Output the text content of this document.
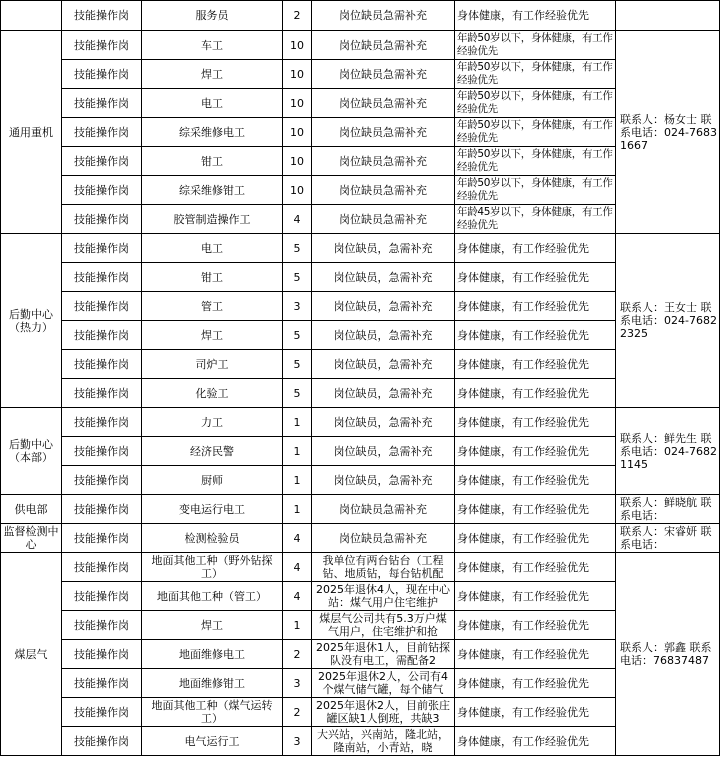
	技能操作岗	服务员	2	岗位缺员急需补充	身体健康，有工作经验优先	
通用重机	技能操作岗	车工	10	岗位缺员急需补充	年龄50岁以下，身体健康，有工作经验优先	联系人：杨女士 联系电话：024-76831667
	技能操作岗	焊工	10	岗位缺员急需补充	年龄50岁以下，身体健康，有工作经验优先	

	技能操作岗	电工	10	岗位缺员急需补充	年龄50岁以下，身体健康，有工作经验优先	

	技能操作岗	综采维修电工	10	岗位缺员急需补充	年龄50岁以下，身体健康，有工作经验优先	

	技能操作岗	钳工	10	岗位缺员急需补充	年龄50岁以下，身体健康，有工作经验优先	

	技能操作岗	综采维修钳工	10	岗位缺员急需补充	年龄50岁以下，身体健康，有工作经验优先	

	技能操作岗	胶管制造操作工	4	岗位缺员急需补充	年龄45岁以下，身体健康，有工作经验优先	

后勤中心（热力）	技能操作岗	电工	5	岗位缺员，急需补充	身体健康，有工作经验优先	联系人：王女士 联系电话：024-76822325
	技能操作岗	钳工	5	岗位缺员，急需补充	身体健康，有工作经验优先	
	技能操作岗	管工	3	岗位缺员，急需补充	身体健康，有工作经验优先	
	技能操作岗	焊工	5	岗位缺员，急需补充	身体健康，有工作经验优先	
	技能操作岗	司炉工	5	岗位缺员，急需补充	身体健康，有工作经验优先	
	技能操作岗	化验工	5	岗位缺员，急需补充	身体健康，有工作经验优先	
后勤中心（本部）	技能操作岗	力工	1	岗位缺员，急需补充	身体健康，有工作经验优先	联系人：鲜先生 联系电话：024-76821145
	技能操作岗	经济民警	1	岗位缺员，急需补充	身体健康，有工作经验优先	
	技能操作岗	厨师	1	岗位缺员，急需补充	身体健康，有工作经验优先	
供电部	技能操作岗	变电运行电工	1	岗位缺员急需补充	身体健康，有工作经验优先	联系人：鲜晓航 联系电话：

监督检测中心	技能操作岗	检测检验员	4	岗位缺员急需补充	身体健康，有工作经验优先	联系人：宋睿妍 联系电话：

煤层气	技能操作岗	地面其他工种（野外钻探工）	4	我单位有两台钻台（工程钻、地质钻，每台钻机配	身体健康，有工作经验优先	联系人：郭鑫 联系电话：76837487
	技能操作岗	地面其他工种（管工）	4	2025年退休4人，现在中心站：煤气用户住宅维护	身体健康，有工作经验优先	
	技能操作岗	焊工	1	煤层气公司共有5.3万户煤气用户，住宅维护和抢	身体健康，有工作经验优先	
	技能操作岗	地面维修电工	2	2025年退休1人，目前钻探队没有电工，需配备2	身体健康，有工作经验优先	
	技能操作岗	地面维修钳工	3	2025年退休2人，公司有4个煤气储气罐，每个储气	身体健康，有工作经验优先	
	技能操作岗	地面其他工种（煤气运转工）	2	2025年退休2人，目前张庄罐区缺1人倒班，共缺3	身体健康，有工作经验优先	
	技能操作岗	电气运行工	3	大兴站，兴南站，隆北站，隆南站，小青站，晓	身体健康，有工作经验优先	
